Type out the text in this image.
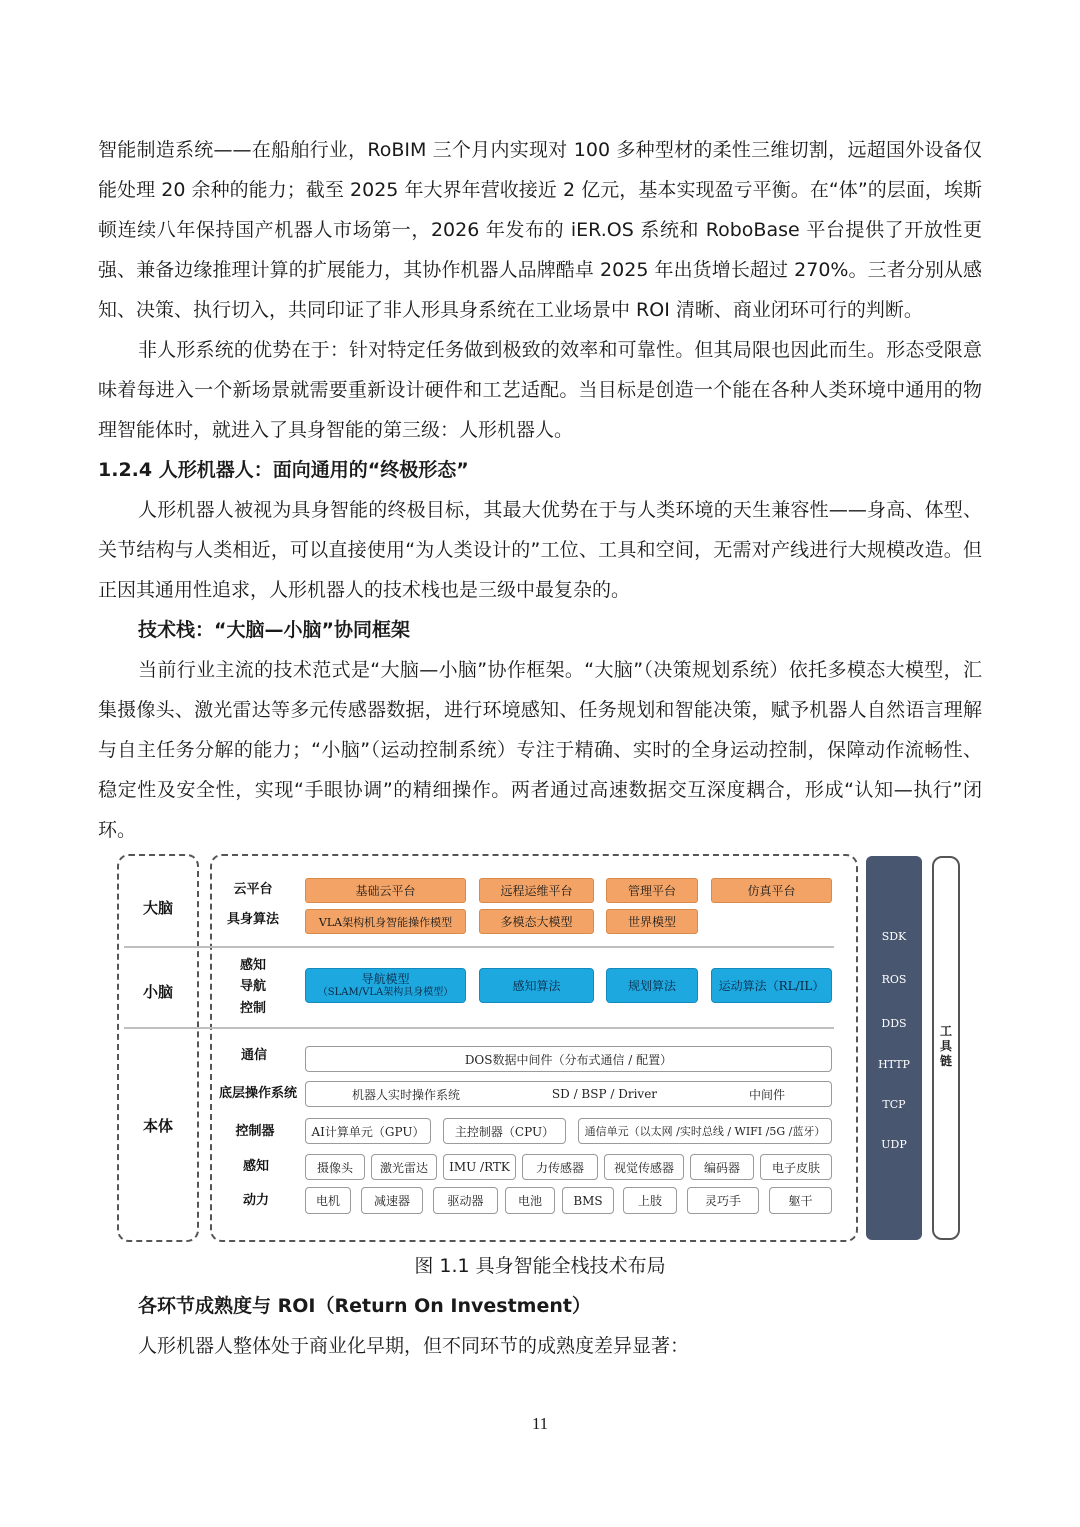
智能制造系统——在船舶行业，RoBIM 三个月内实现对 100 多种型材的柔性三维切割，远超国外设备仅能处理 20 余种的能力；截至 2025 年大界年营收接近 2 亿元，基本实现盈亏平衡。在“体”的层面，埃斯顿连续八年保持国产机器人市场第一，2026 年发布的 iER.OS 系统和 RoboBase 平台提供了开放性更强、兼备边缘推理计算的扩展能力，其协作机器人品牌酷卓 2025 年出货增长超过 270%。三者分别从感知、决策、执行切入，共同印证了非人形具身系统在工业场景中 ROI 清晰、商业闭环可行的判断。

非人形系统的优势在于：针对特定任务做到极致的效率和可靠性。但其局限也因此而生。形态受限意味着每进入一个新场景就需要重新设计硬件和工艺适配。当目标是创造一个能在各种人类环境中通用的物理智能体时，就进入了具身智能的第三级：人形机器人。

1.2.4 人形机器人：面向通用的“终极形态”

人形机器人被视为具身智能的终极目标，其最大优势在于与人类环境的天生兼容性——身高、体型、关节结构与人类相近，可以直接使用“为人类设计的”工位、工具和空间，无需对产线进行大规模改造。但正因其通用性追求，人形机器人的技术栈也是三级中最复杂的。

技术栈：“大脑—小脑”协同框架

当前行业主流的技术范式是“大脑—小脑”协作框架。“大脑”（决策规划系统）依托多模态大模型，汇集摄像头、激光雷达等多元传感器数据，进行环境感知、任务规划和智能决策，赋予机器人自然语言理解与自主任务分解的能力；“小脑”（运动控制系统）专注于精确、实时的全身运动控制，保障动作流畅性、稳定性及安全性，实现“手眼协调”的精细操作。两者通过高速数据交互深度耦合，形成“认知—执行”闭环。

大脑
小脑
本体
云平台
具身算法
感知
导航
控制
通信
底层操作系统
控制器
感知
动力
基础云平台	远程运维平台	管理平台	仿真平台
VLA架构机身智能操作模型	多模态大模型	世界模型
导航模型
（SLAM/VLA架构具身模型）	感知算法	规划算法	运动算法（RL/IL）
DOS数据中间件（分布式通信 / 配置）
机器人实时操作系统	SD / BSP / Driver	中间件
AI计算单元（GPU）	主控制器（CPU）	通信单元（以太网 /实时总线 / WIFI /5G /蓝牙）
摄像头	激光雷达	IMU /RTK	力传感器	视觉传感器	编码器	电子皮肤
电机	减速器	驱动器	电池	BMS	上肢	灵巧手	躯干
SDK
ROS
DDS
HTTP
TCP
UDP
工
具
链
图 1.1 具身智能全栈技术布局

各环节成熟度与 ROI（Return On Investment）

人形机器人整体处于商业化早期，但不同环节的成熟度差异显著：

11
